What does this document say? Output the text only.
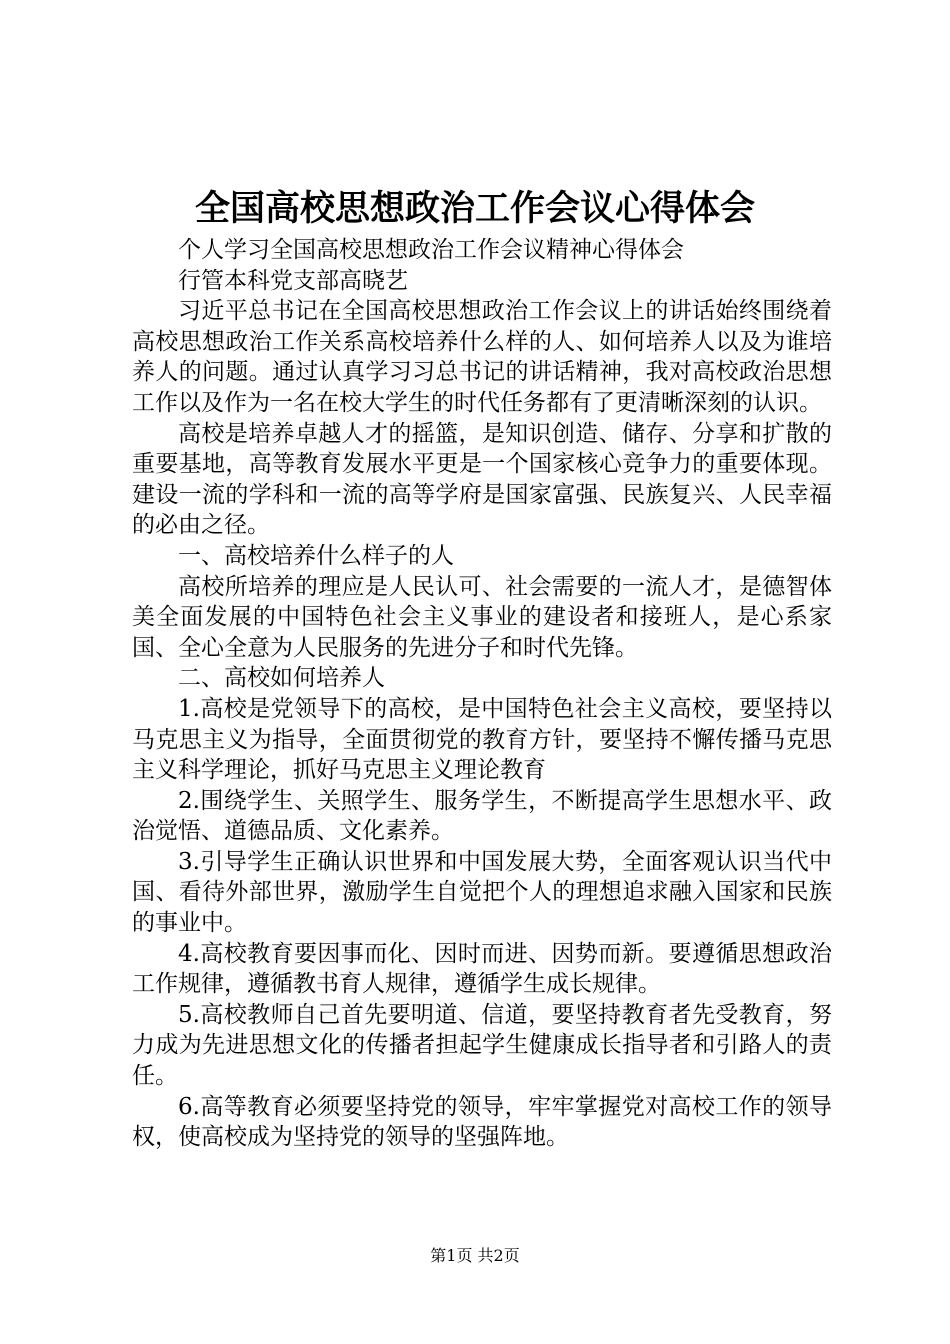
全国高校思想政治工作会议心得体会

个人学习全国高校思想政治工作会议精神心得体会

行管本科党支部高晓艺

习近平总书记在全国高校思想政治工作会议上的讲话始终围绕着高校思想政治工作关系高校培养什么样的人、如何培养人以及为谁培养人的问题。通过认真学习习总书记的讲话精神，我对高校政治思想工作以及作为一名在校大学生的时代任务都有了更清晰深刻的认识。

高校是培养卓越人才的摇篮，是知识创造、储存、分享和扩散的重要基地，高等教育发展水平更是一个国家核心竞争力的重要体现。建设一流的学科和一流的高等学府是国家富强、民族复兴、人民幸福的必由之径。

一、高校培养什么样子的人

高校所培养的理应是人民认可、社会需要的一流人才，是德智体美全面发展的中国特色社会主义事业的建设者和接班人，是心系家国、全心全意为人民服务的先进分子和时代先锋。

二、高校如何培养人

1.高校是党领导下的高校，是中国特色社会主义高校，要坚持以马克思主义为指导，全面贯彻党的教育方针，要坚持不懈传播马克思主义科学理论，抓好马克思主义理论教育

2.围绕学生、关照学生、服务学生，不断提高学生思想水平、政治觉悟、道德品质、文化素养。

3.引导学生正确认识世界和中国发展大势，全面客观认识当代中国、看待外部世界，激励学生自觉把个人的理想追求融入国家和民族的事业中。

4.高校教育要因事而化、因时而进、因势而新。要遵循思想政治工作规律，遵循教书育人规律，遵循学生成长规律。

5.高校教师自己首先要明道、信道，要坚持教育者先受教育，努力成为先进思想文化的传播者担起学生健康成长指导者和引路人的责任。

6.高等教育必须要坚持党的领导，牢牢掌握党对高校工作的领导权，使高校成为坚持党的领导的坚强阵地。

第1页 共2页
